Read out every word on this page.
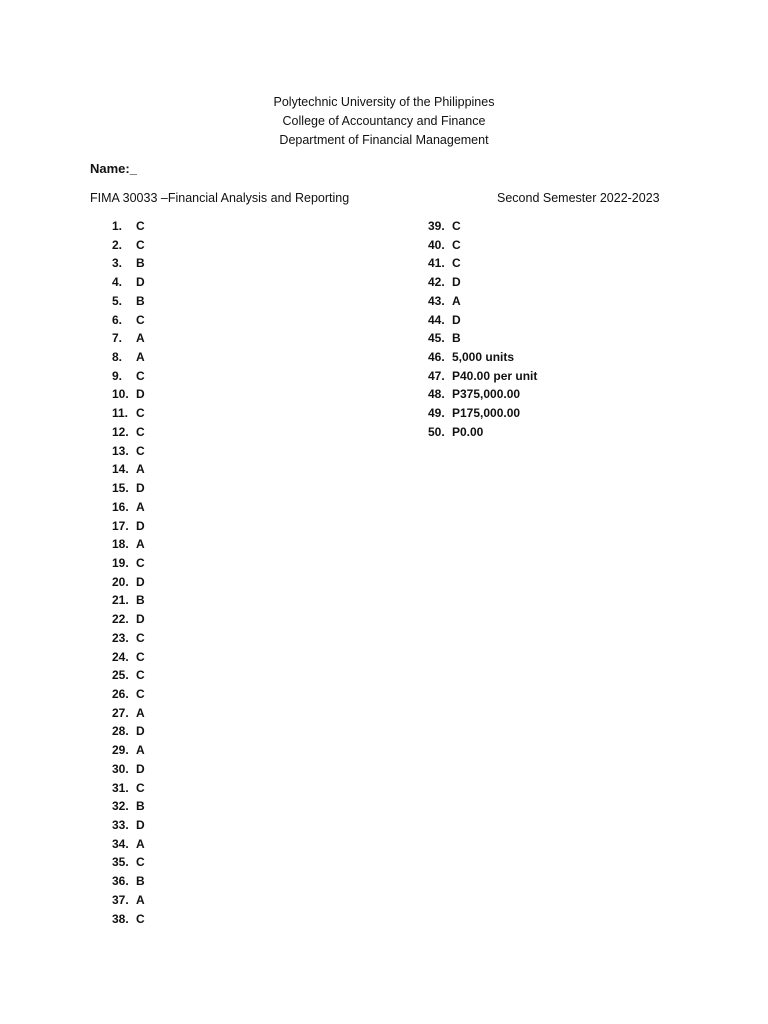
Polytechnic University of the Philippines
College of Accountancy and Finance
Department of Financial Management
Name:_
FIMA 30033 –Financial Analysis and Reporting	Second Semester 2022-2023
1.	C
2.	C
3.	B
4.	D
5.	B
6.	C
7.	A
8.	A
9.	C
10. D
11. C
12. C
13. C
14. A
15. D
16. A
17. D
18. A
19. C
20. D
21. B
22. D
23. C
24. C
25. C
26. C
27. A
28. D
29. A
30. D
31. C
32. B
33. D
34. A
35. C
36. B
37. A
38. C
39. C
40. C
41. C
42. D
43. A
44. D
45. B
46. 5,000 units
47. P40.00 per unit
48. P375,000.00
49. P175,000.00
50. P0.00
